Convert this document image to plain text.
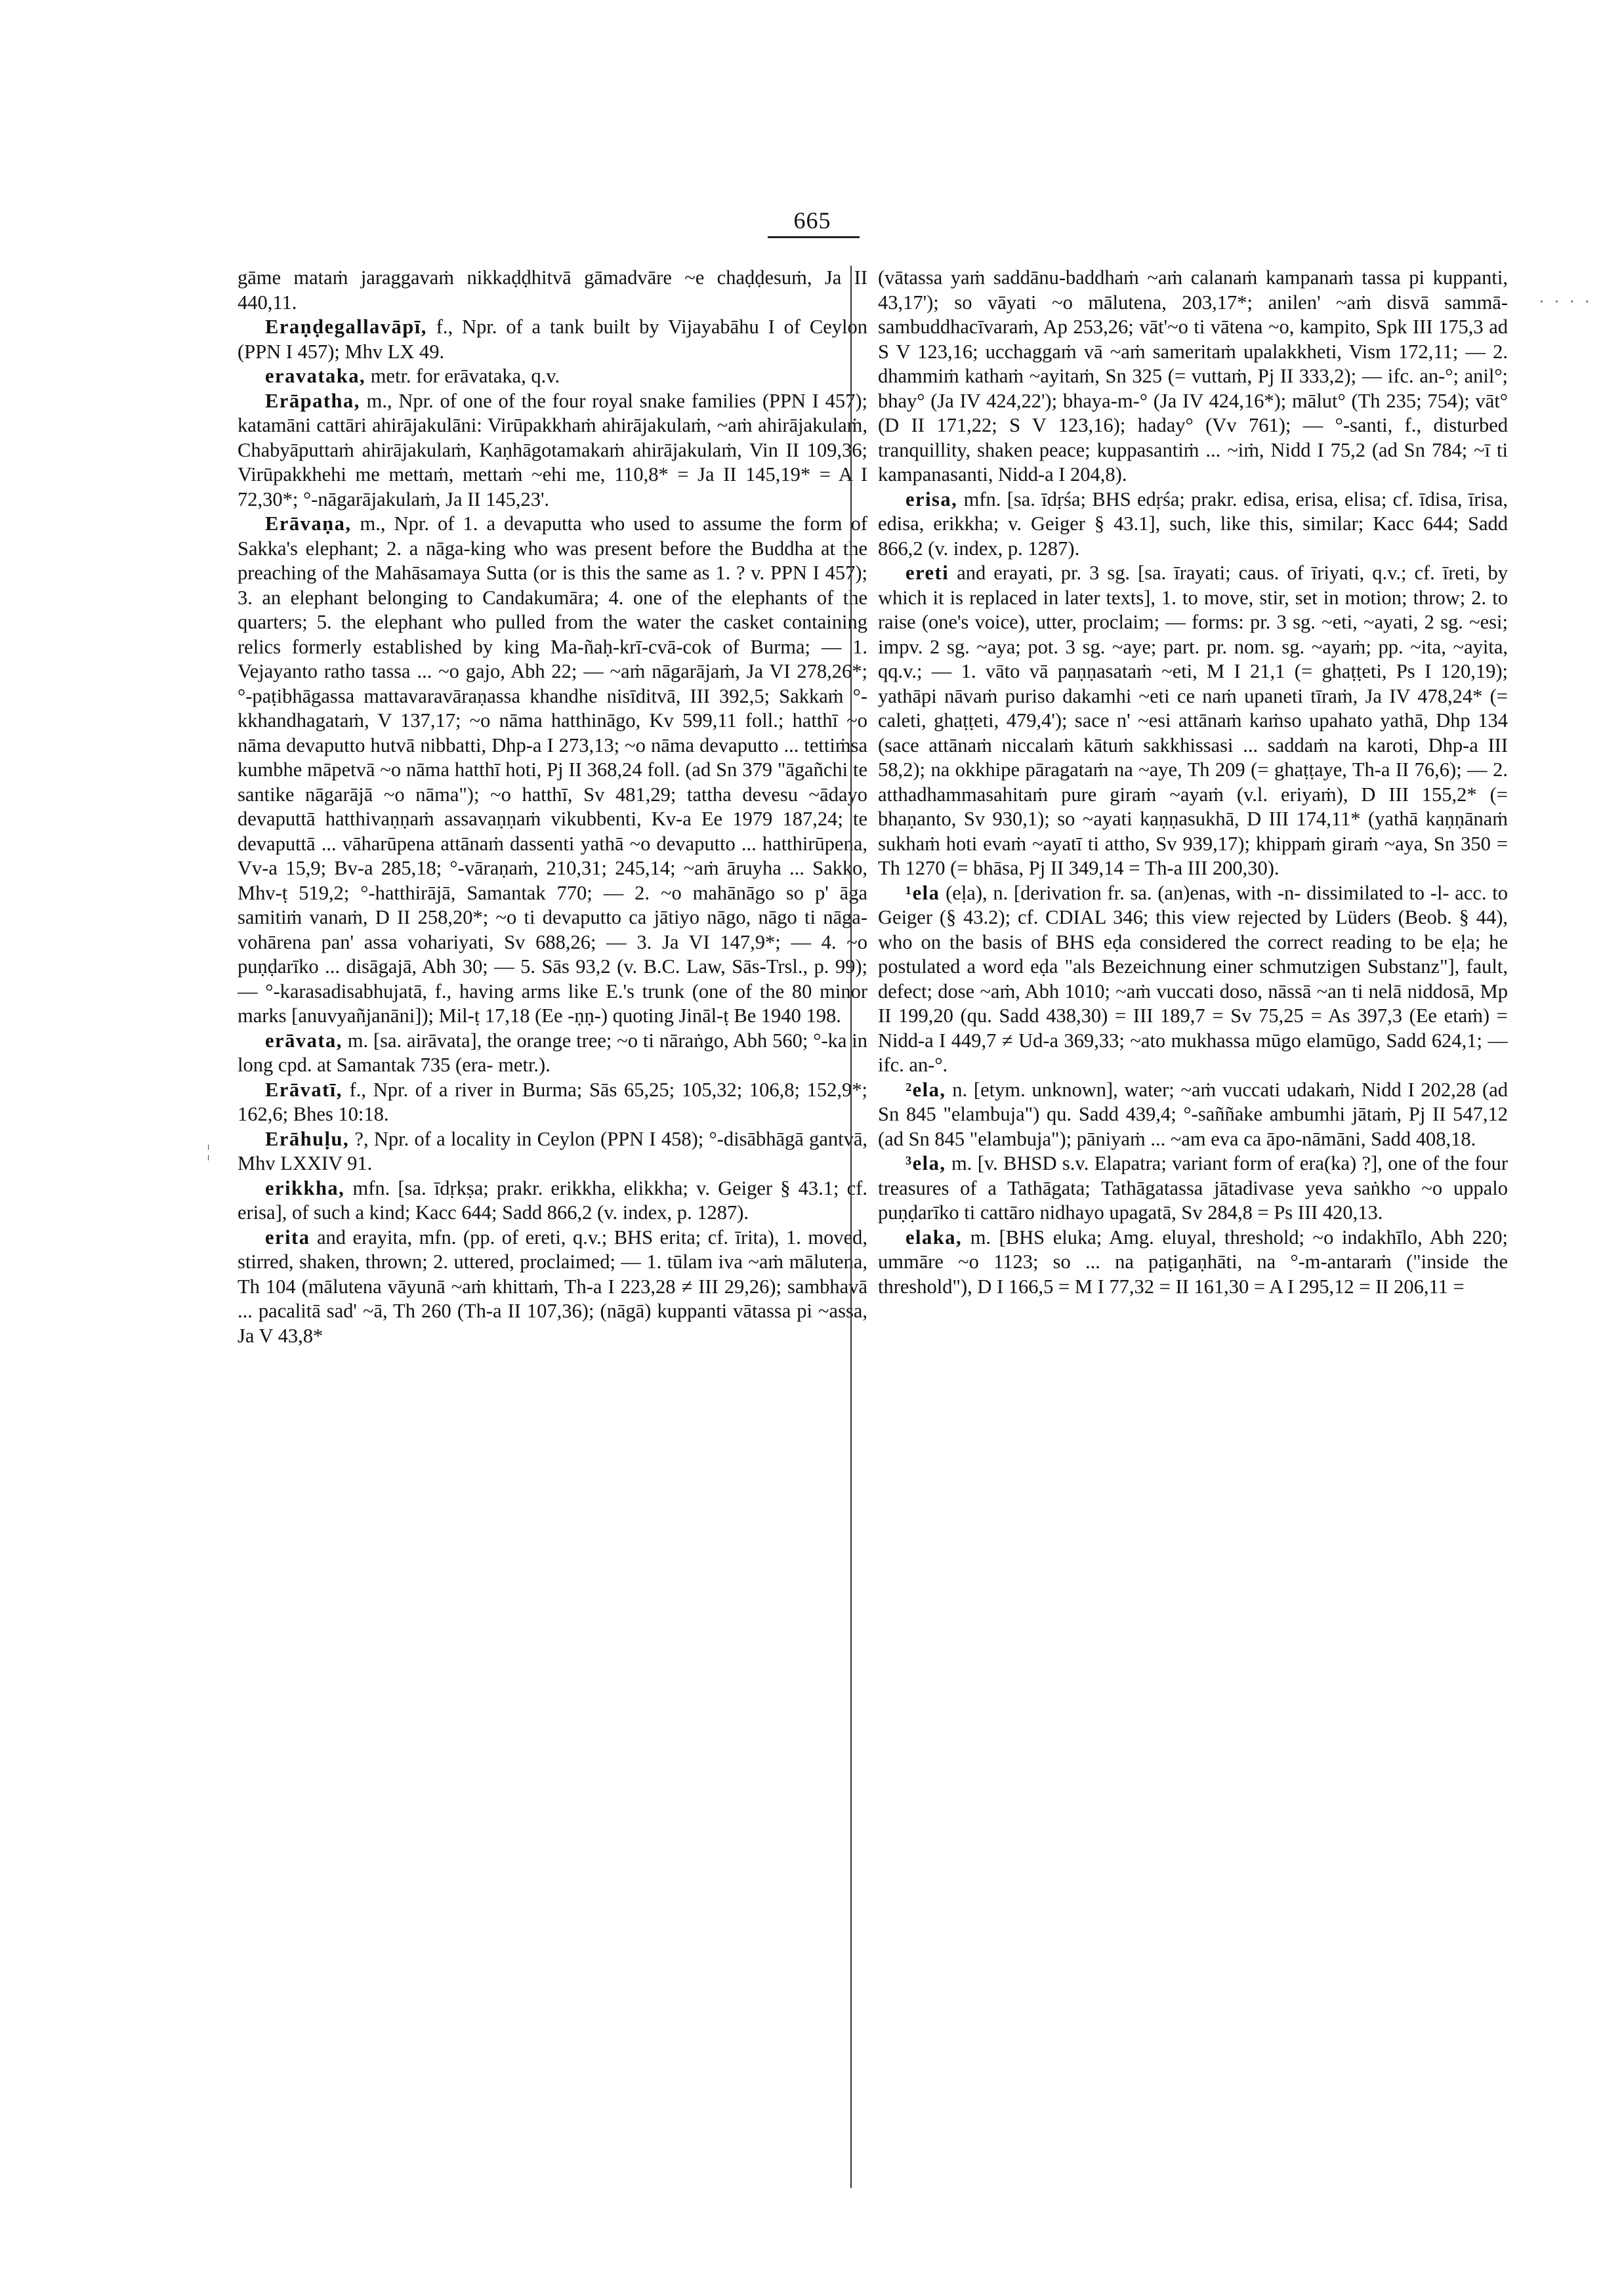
665

gāme mataṁ jaraggavaṁ nikkaḍḍhitvā gāmadvāre ~e chaḍḍesuṁ, Ja II 440,11.

Eraṇḍegallavāpī, f., Npr. of a tank built by Vijayabāhu I of Ceylon (PPN I 457); Mhv LX 49.

eravataka, metr. for erāvataka, q.v.

Erāpatha, m., Npr. of one of the four royal snake families (PPN I 457); katamāni cattāri ahirājakulāni: Virūpakkhaṁ ahirājakulaṁ, ~aṁ ahirājakulaṁ, Chabyāputtaṁ ahirājakulaṁ, Kaṇhāgotamakaṁ ahirājakulaṁ, Vin II 109,36; Virūpakkhehi me mettaṁ, mettaṁ ~ehi me, 110,8* = Ja II 145,19* = A I 72,30*; °-nāgarājakulaṁ, Ja II 145,23'.

Erāvaṇa, m., Npr. of 1. a devaputta who used to assume the form of Sakka's elephant; 2. a nāga-king who was present before the Buddha at the preaching of the Mahāsamaya Sutta (or is this the same as 1. ? v. PPN I 457); 3. an elephant belonging to Candakumāra; 4. one of the elephants of the quarters; 5. the elephant who pulled from the water the casket containing relics formerly established by king Ma-ñaḥ-krī-cvā-cok of Burma; — 1. Vejayanto ratho tassa ... ~o gajo, Abh 22; — ~aṁ nāgarājaṁ, Ja VI 278,26*; °-paṭibhāgassa mattavaravāraṇassa khandhe nisīditvā, III 392,5; Sakkaṁ °-kkhandhagataṁ, V 137,17; ~o nāma hatthināgo, Kv 599,11 foll.; hatthī ~o nāma devaputto hutvā nibbatti, Dhp-a I 273,13; ~o nāma devaputto ... tettiṁsa kumbhe māpetvā ~o nāma hatthī hoti, Pj II 368,24 foll. (ad Sn 379 "āgañchi te santike nāgarājā ~o nāma"); ~o hatthī, Sv 481,29; tattha devesu ~ādayo devaputtā hatthivaṇṇaṁ assavaṇṇaṁ vikubbenti, Kv-a Ee 1979 187,24; te devaputtā ... vāharūpena attānaṁ dassenti yathā ~o devaputto ... hatthirūpena, Vv-a 15,9; Bv-a 285,18; °-vāraṇaṁ, 210,31; 245,14; ~aṁ āruyha ... Sakko, Mhv-ṭ 519,2; °-hatthirājā, Samantak 770; — 2. ~o mahānāgo so p' āga samitiṁ vanaṁ, D II 258,20*; ~o ti devaputto ca jātiyo nāgo, nāgo ti nāga-vohārena pan' assa vohariyati, Sv 688,26; — 3. Ja VI 147,9*; — 4. ~o puṇḍarīko ... disāgajā, Abh 30; — 5. Sās 93,2 (v. B.C. Law, Sās-Trsl., p. 99); — °-karasadisabhujatā, f., having arms like E.'s trunk (one of the 80 minor marks [anuvyañjanāni]); Mil-ṭ 17,18 (Ee -ṇṇ-) quoting Jināl-ṭ Be 1940 198.

erāvata, m. [sa. airāvata], the orange tree; ~o ti nāraṅgo, Abh 560; °-ka in long cpd. at Samantak 735 (era- metr.).

Erāvatī, f., Npr. of a river in Burma; Sās 65,25; 105,32; 106,8; 152,9*; 162,6; Bhes 10:18.

Erāhuḷu, ?, Npr. of a locality in Ceylon (PPN I 458); °-disābhāgā gantvā, Mhv LXXIV 91.

erikkha, mfn. [sa. īdṛkṣa; prakr. erikkha, elikkha; v. Geiger § 43.1; cf. erisa], of such a kind; Kacc 644; Sadd 866,2 (v. index, p. 1287).

erita and erayita, mfn. (pp. of ereti, q.v.; BHS erita; cf. īrita), 1. moved, stirred, shaken, thrown; 2. uttered, proclaimed; — 1. tūlam iva ~aṁ mālutena, Th 104 (mālutena vāyunā ~aṁ khittaṁ, Th-a I 223,28 ≠ III 29,26); sambhavā ... pacalitā sad' ~ā, Th 260 (Th-a II 107,36); (nāgā) kuppanti vātassa pi ~assa, Ja V 43,8*

(vātassa yaṁ saddānu-baddhaṁ ~aṁ calanaṁ kampanaṁ tassa pi kuppanti, 43,17'); so vāyati ~o mālutena, 203,17*; anilen' ~aṁ disvā sammā-sambuddhacīvaraṁ, Ap 253,26; vāt'~o ti vātena ~o, kampito, Spk III 175,3 ad S V 123,16; ucchaggaṁ vā ~aṁ sameritaṁ upalakkheti, Vism 172,11; — 2. dhammiṁ kathaṁ ~ayitaṁ, Sn 325 (= vuttaṁ, Pj II 333,2); — ifc. an-°; anil°; bhay° (Ja IV 424,22'); bhaya-m-° (Ja IV 424,16*); mālut° (Th 235; 754); vāt° (D II 171,22; S V 123,16); haday° (Vv 761); — °-santi, f., disturbed tranquillity, shaken peace; kuppasantiṁ ... ~iṁ, Nidd I 75,2 (ad Sn 784; ~ī ti kampanasanti, Nidd-a I 204,8).

erisa, mfn. [sa. īdṛśa; BHS edṛśa; prakr. edisa, erisa, elisa; cf. īdisa, īrisa, edisa, erikkha; v. Geiger § 43.1], such, like this, similar; Kacc 644; Sadd 866,2 (v. index, p. 1287).

ereti and erayati, pr. 3 sg. [sa. īrayati; caus. of īriyati, q.v.; cf. īreti, by which it is replaced in later texts], 1. to move, stir, set in motion; throw; 2. to raise (one's voice), utter, proclaim; — forms: pr. 3 sg. ~eti, ~ayati, 2 sg. ~esi; impv. 2 sg. ~aya; pot. 3 sg. ~aye; part. pr. nom. sg. ~ayaṁ; pp. ~ita, ~ayita, qq.v.; — 1. vāto vā paṇṇasataṁ ~eti, M I 21,1 (= ghaṭṭeti, Ps I 120,19); yathāpi nāvaṁ puriso dakamhi ~eti ce naṁ upaneti tīraṁ, Ja IV 478,24* (= caleti, ghaṭṭeti, 479,4'); sace n' ~esi attānaṁ kaṁso upahato yathā, Dhp 134 (sace attānaṁ niccalaṁ kātuṁ sakkhissasi ... saddaṁ na karoti, Dhp-a III 58,2); na okkhipe pāragataṁ na ~aye, Th 209 (= ghaṭṭaye, Th-a II 76,6); — 2. atthadhammasahitaṁ pure giraṁ ~ayaṁ (v.l. eriyaṁ), D III 155,2* (= bhaṇanto, Sv 930,1); so ~ayati kaṇṇasukhā, D III 174,11* (yathā kaṇṇānaṁ sukhaṁ hoti evaṁ ~ayatī ti attho, Sv 939,17); khippaṁ giraṁ ~aya, Sn 350 = Th 1270 (= bhāsa, Pj II 349,14 = Th-a III 200,30).

¹ela (eḷa), n. [derivation fr. sa. (an)enas, with -n- dissimilated to -l- acc. to Geiger (§ 43.2); cf. CDIAL 346; this view rejected by Lüders (Beob. § 44), who on the basis of BHS eḍa considered the correct reading to be eḷa; he postulated a word eḍa "als Bezeichnung einer schmutzigen Substanz"], fault, defect; dose ~aṁ, Abh 1010; ~aṁ vuccati doso, nāssā ~an ti nelā niddosā, Mp II 199,20 (qu. Sadd 438,30) = III 189,7 = Sv 75,25 = As 397,3 (Ee etaṁ) = Nidd-a I 449,7 ≠ Ud-a 369,33; ~ato mukhassa mūgo elamūgo, Sadd 624,1; — ifc. an-°.

²ela, n. [etym. unknown], water; ~aṁ vuccati udakaṁ, Nidd I 202,28 (ad Sn 845 "elambuja") qu. Sadd 439,4; °-saññake ambumhi jātaṁ, Pj II 547,12 (ad Sn 845 "elambuja"); pāniyaṁ ... ~am eva ca āpo-nāmāni, Sadd 408,18.

³ela, m. [v. BHSD s.v. Elapatra; variant form of era(ka) ?], one of the four treasures of a Tathāgata; Tathāgatassa jātadivase yeva saṅkho ~o uppalo puṇḍarīko ti cattāro nidhayo upagatā, Sv 284,8 = Ps III 420,13.

elaka, m. [BHS eluka; Amg. eluyal, threshold; ~o indakhīlo, Abh 220; ummāre ~o 1123; so ... na paṭigaṇhāti, na °-m-antaraṁ ("inside the threshold"), D I 166,5 = M I 77,32 = II 161,30 = A I 295,12 = II 206,11 =

· · · ·
¦
